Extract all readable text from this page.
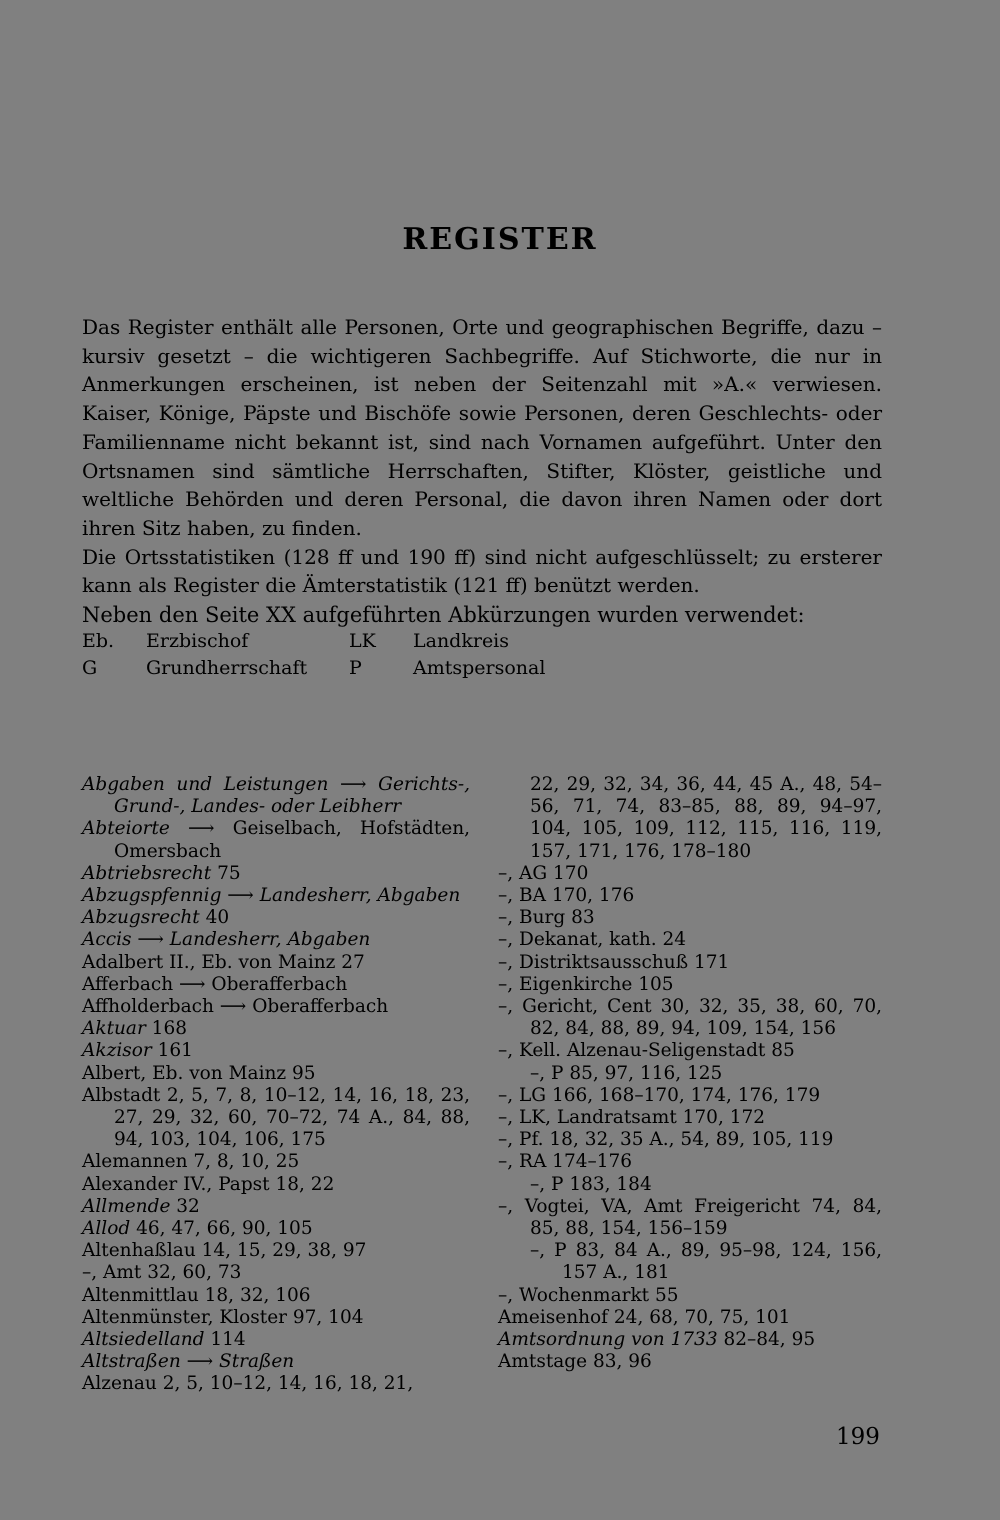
REGISTER

Das Register enthält alle Personen, Orte und geographischen Begriffe, dazu – kursiv gesetzt – die wichtigeren Sachbegriffe. Auf Stichworte, die nur in Anmerkungen erscheinen, ist neben der Seitenzahl mit »A.« verwiesen. Kaiser, Könige, Päpste und Bischöfe sowie Personen, deren Geschlechts- oder Familienname nicht bekannt ist, sind nach Vornamen aufgeführt. Unter den Ortsnamen sind sämtliche Herrschaften, Stifter, Klöster, geistliche und weltliche Behörden und deren Personal, die davon ihren Namen oder dort ihren Sitz haben, zu finden.

Die Ortsstatistiken (128 ff und 190 ff) sind nicht aufgeschlüsselt; zu ersterer kann als Register die Ämterstatistik (121 ff) benützt werden.

Neben den Seite XX aufgeführten Abkürzungen wurden verwendet:

Eb.	Erzbischof	LK	Landkreis
G	Grundherrschaft	P	Amtspersonal
Abgaben und Leistungen ⟶ Gerichts-, Grund-, Landes- oder Leibherr
Abteiorte ⟶ Geiselbach, Hofstädten, Omersbach
Abtriebsrecht 75
Abzugspfennig ⟶ Landesherr, Abgaben
Abzugsrecht 40
Accis ⟶ Landesherr, Abgaben
Adalbert II., Eb. von Mainz 27
Afferbach ⟶ Oberafferbach
Affholderbach ⟶ Oberafferbach
Aktuar 168
Akzisor 161
Albert, Eb. von Mainz 95
Albstadt 2, 5, 7, 8, 10–12, 14, 16, 18, 23, 27, 29, 32, 60, 70–72, 74 A., 84, 88, 94, 103, 104, 106, 175
Alemannen 7, 8, 10, 25
Alexander IV., Papst 18, 22
Allmende 32
Allod 46, 47, 66, 90, 105
Altenhaßlau 14, 15, 29, 38, 97
–, Amt 32, 60, 73
Altenmittlau 18, 32, 106
Altenmünster, Kloster 97, 104
Altsiedelland 114
Altstraßen ⟶ Straßen
Alzenau 2, 5, 10–12, 14, 16, 18, 21,
22, 29, 32, 34, 36, 44, 45 A., 48, 54–56, 71, 74, 83–85, 88, 89, 94–97, 104, 105, 109, 112, 115, 116, 119, 157, 171, 176, 178–180
–, AG 170
–, BA 170, 176
–, Burg 83
–, Dekanat, kath. 24
–, Distriktsausschuß 171
–, Eigenkirche 105
–, Gericht, Cent 30, 32, 35, 38, 60, 70, 82, 84, 88, 89, 94, 109, 154, 156
–, Kell. Alzenau-Seligenstadt 85
–, P 85, 97, 116, 125
–, LG 166, 168–170, 174, 176, 179
–, LK, Landratsamt 170, 172
–, Pf. 18, 32, 35 A., 54, 89, 105, 119
–, RA 174–176
–, P 183, 184
–, Vogtei, VA, Amt Freigericht 74, 84, 85, 88, 154, 156–159
–, P 83, 84 A., 89, 95–98, 124, 156, 157 A., 181
–, Wochenmarkt 55
Ameisenhof 24, 68, 70, 75, 101
Amtsordnung von 1733 82–84, 95
Amtstage 83, 96
199
